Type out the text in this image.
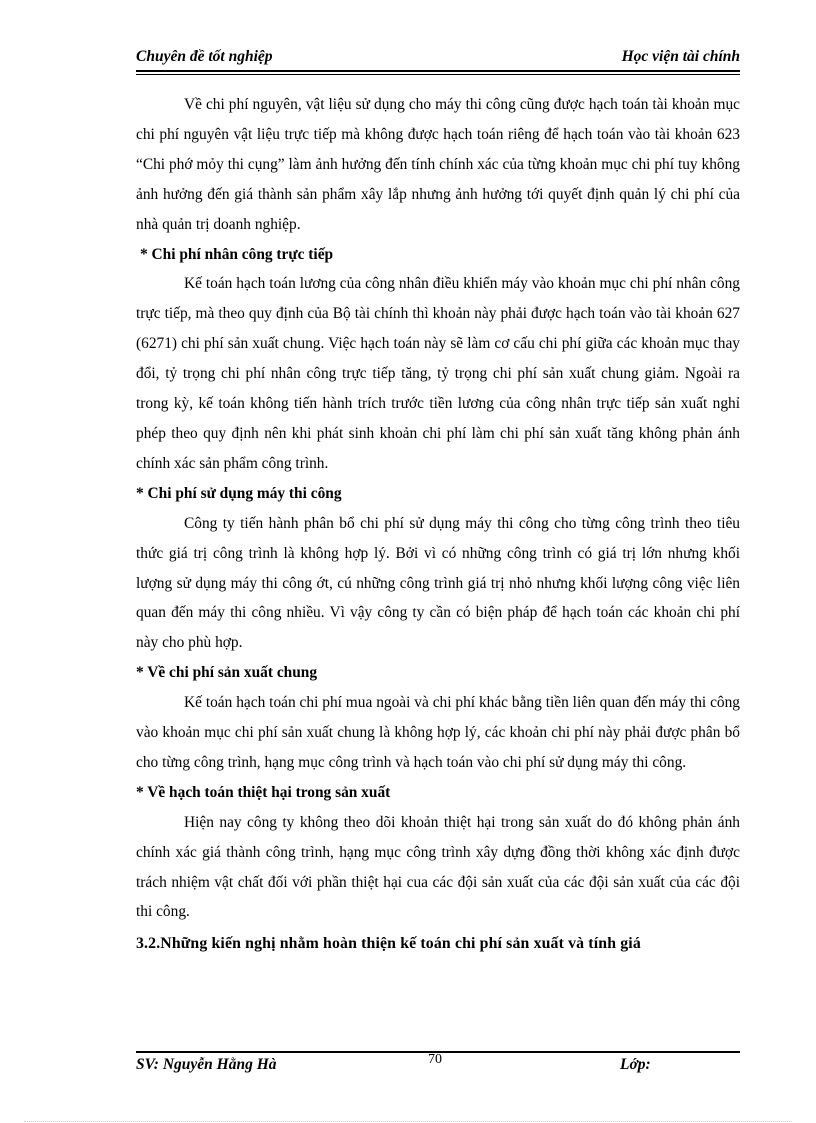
Chuyên đề tốt nghiệp	Học viện tài chính

Về chi phí nguyên, vật liệu sử dụng cho máy thi công cũng được hạch toán tài khoản mục chi phí nguyên vật liệu trực tiếp mà không được hạch toán riêng để hạch toán vào tài khoản 623 “Chi phớ mỏy thi cụng” làm ảnh hưởng đến tính chính xác của từng khoản mục chi phí tuy không ảnh hưởng đến giá thành sản phẩm xây lắp nhưng ảnh hưởng tới quyết định quản lý chi phí của nhà quản trị doanh nghiệp.

* Chi phí nhân công trực tiếp

Kế toán hạch toán lương của công nhân điều khiển máy vào khoản mục chi phí nhân công trực tiếp, mà theo quy định của Bộ tài chính thì khoản này phải được hạch toán vào tài khoản 627 (6271) chi phí sản xuất chung. Việc hạch toán này sẽ làm cơ cấu chi phí giữa các khoản mục thay đổi, tỷ trọng chi phí nhân công trực tiếp tăng, tỷ trọng chi phí sản xuất chung giảm. Ngoài ra trong kỳ, kế toán không tiến hành trích trước tiền lương của công nhân trực tiếp sản xuất nghỉ phép theo quy định nên khi phát sinh khoản chi phí làm chi phí sản xuất tăng không phản ánh chính xác sản phẩm công trình.

* Chi phí sử dụng máy thi công

Công ty tiến hành phân bổ chi phí sử dụng máy thi công cho từng công trình theo tiêu thức giá trị công trình là không hợp lý. Bởi vì có những công trình có giá trị lớn nhưng khối lượng sử dụng máy thi công ớt, cú những công trình giá trị nhỏ nhưng khối lượng công việc liên quan đến máy thi công nhiều. Vì vậy công ty cần có biện pháp để hạch toán các khoản chi phí này cho phù hợp.

* Về chi phí sản xuất chung

Kế toán hạch toán chi phí mua ngoài và chi phí khác bằng tiền liên quan đến máy thi công vào khoản mục chi phí sản xuất chung là không hợp lý, các khoản chi phí này phải được phân bổ cho từng công trình, hạng mục công trình và hạch toán vào chi phí sử dụng máy thi công.

* Về hạch toán thiệt hại trong sản xuất

Hiện nay công ty không theo dõi khoản thiệt hại trong sản xuất do đó không phản ánh chính xác giá thành công trình, hạng mục công trình xây dựng đồng thời không xác định được trách nhiệm vật chất đối với phần thiệt hại cua các đội sản xuất của các đội sản xuất của các đội thi công.

3.2.Những kiến nghị nhằm hoàn thiện kế toán chi phí sản xuất và tính giá

SV: Nguyễn Hằng Hà	70	Lớp:
